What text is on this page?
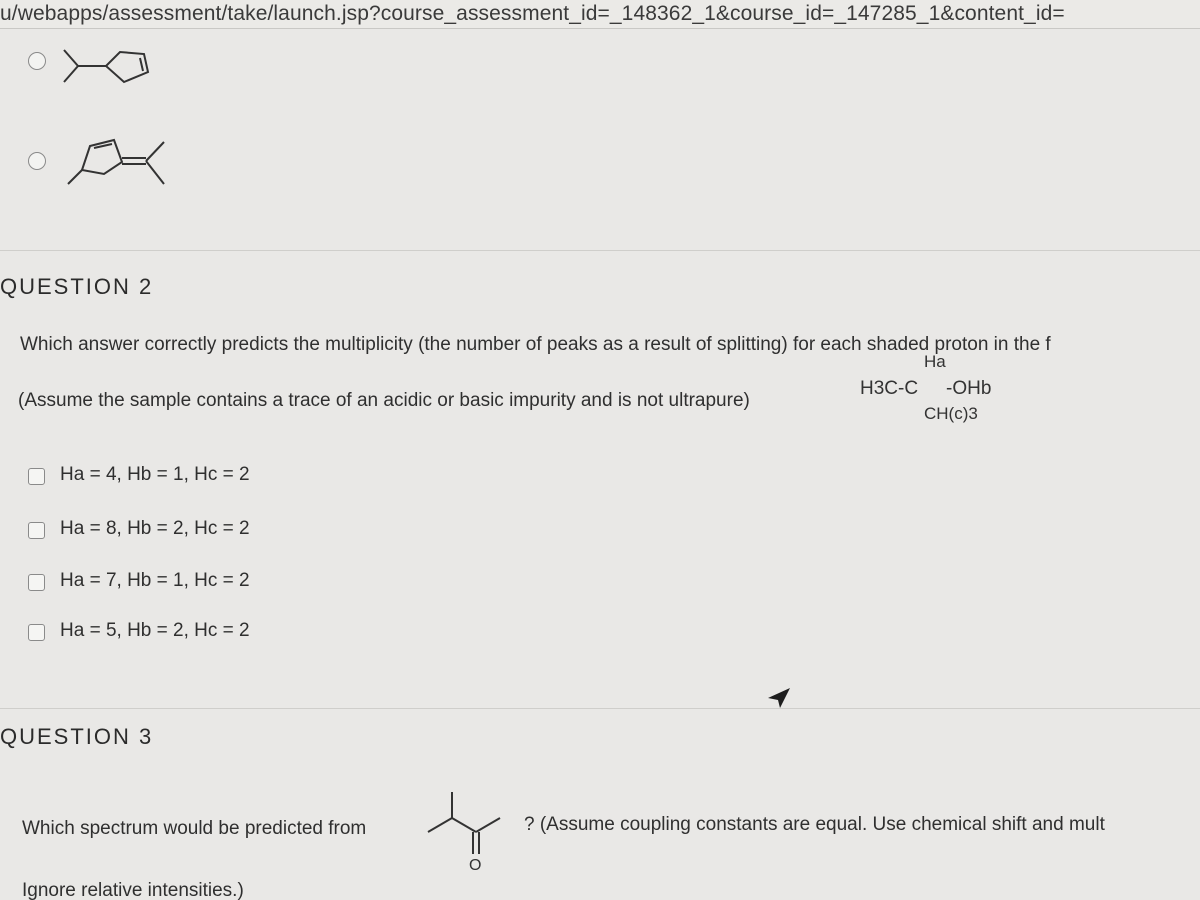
u/webapps/assessment/take/launch.jsp?course_assessment_id=_148362_1&course_id=_147285_1&content_id=
QUESTION 2
Which answer correctly predicts the multiplicity (the number of peaks as a result of splitting) for each shaded proton in the f
(Assume the sample contains a trace of an acidic or basic impurity and is not ultrapure)
Ha
H3C-C -OHb
CH(c)3
Ha = 4, Hb = 1, Hc = 2
Ha = 8, Hb = 2, Hc = 2
Ha = 7, Hb = 1, Hc = 2
Ha = 5, Hb = 2, Hc = 2
QUESTION 3
Which spectrum would be predicted from
O
? (Assume coupling constants are equal. Use chemical shift and mult
Ignore relative intensities.)
